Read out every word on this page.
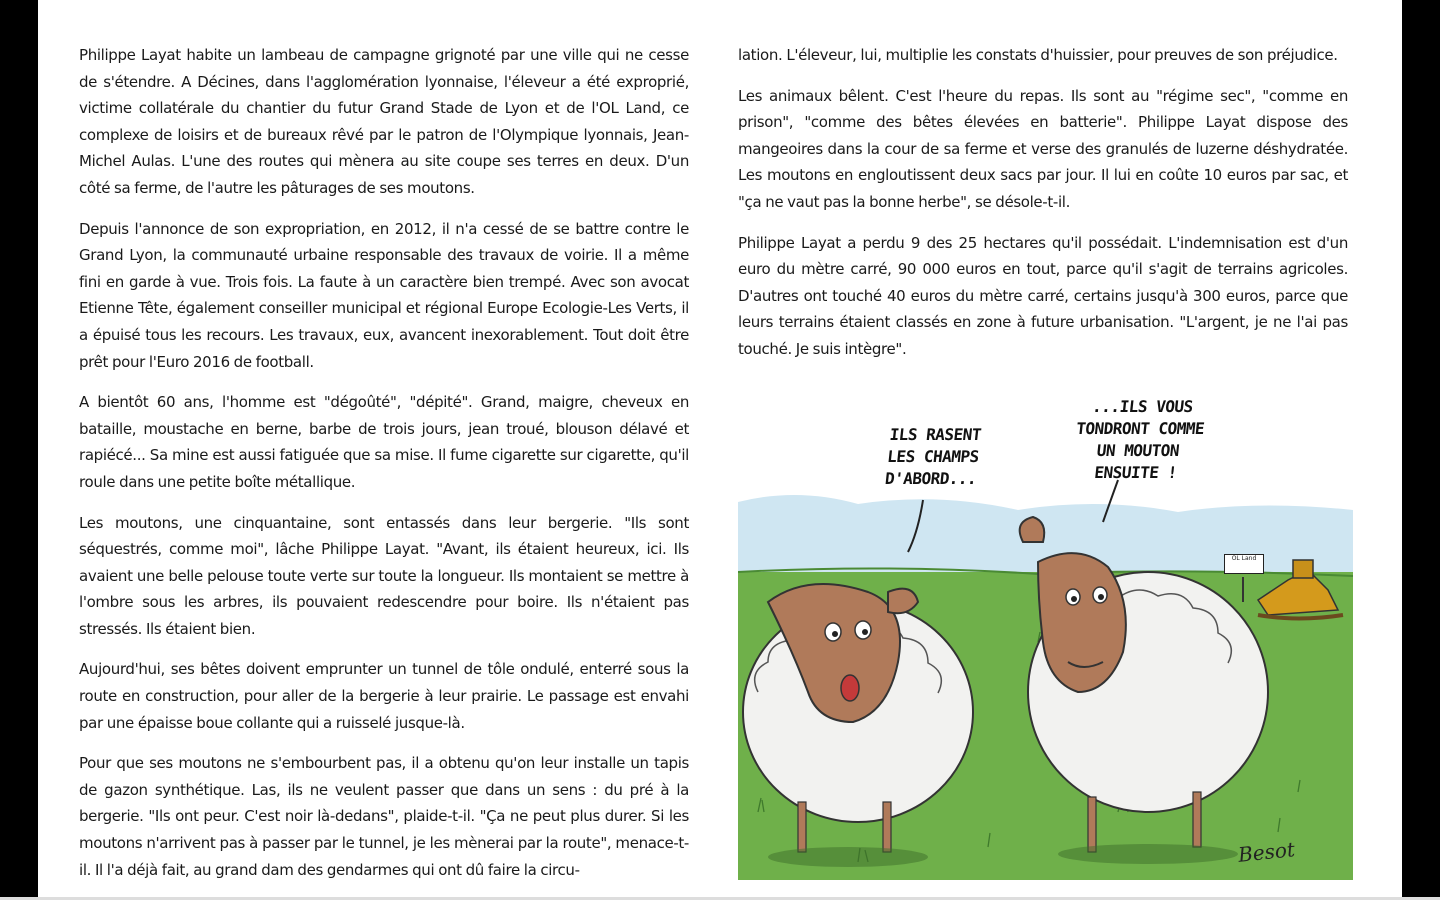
Philippe Layat habite un lambeau de campagne grignoté par une ville qui ne cesse de s'étendre. A Décines, dans l'agglomération lyonnaise, l'éleveur a été exproprié, victime collatérale du chantier du futur Grand Stade de Lyon et de l'OL Land, ce complexe de loisirs et de bureaux rêvé par le patron de l'Olympique lyonnais, Jean-Michel Aulas. L'une des routes qui mènera au site coupe ses terres en deux. D'un côté sa ferme, de l'autre les pâturages de ses moutons.

Depuis l'annonce de son expropriation, en 2012, il n'a cessé de se battre contre le Grand Lyon, la communauté urbaine responsable des travaux de voirie. Il a même fini en garde à vue. Trois fois. La faute à un caractère bien trempé. Avec son avocat Etienne Tête, également conseiller municipal et régional Europe Ecologie-Les Verts, il a épuisé tous les recours. Les travaux, eux, avancent inexorablement. Tout doit être prêt pour l'Euro 2016 de football.

A bientôt 60 ans, l'homme est "dégoûté", "dépité". Grand, maigre, cheveux en bataille, moustache en berne, barbe de trois jours, jean troué, blouson délavé et rapiécé... Sa mine est aussi fatiguée que sa mise. Il fume cigarette sur cigarette, qu'il roule dans une petite boîte métallique.

Les moutons, une cinquantaine, sont entassés dans leur bergerie. "Ils sont séquestrés, comme moi", lâche Philippe Layat. "Avant, ils étaient heureux, ici. Ils avaient une belle pelouse toute verte sur toute la longueur. Ils montaient se mettre à l'ombre sous les arbres, ils pouvaient redescendre pour boire. Ils n'étaient pas stressés. Ils étaient bien.

Aujourd'hui, ses bêtes doivent emprunter un tunnel de tôle ondulé, enterré sous la route en construction, pour aller de la bergerie à leur prairie. Le passage est envahi par une épaisse boue collante qui a ruisselé jusque-là.

Pour que ses moutons ne s'embourbent pas, il a obtenu qu'on leur installe un tapis de gazon synthétique. Las, ils ne veulent passer que dans un sens : du pré à la bergerie. "Ils ont peur. C'est noir là-dedans", plaide-t-il. "Ça ne peut plus durer. Si les moutons n'arrivent pas à passer par le tunnel, je les mènerai par la route", menace-t-il. Il l'a déjà fait, au grand dam des gendarmes qui ont dû faire la circu-

lation. L'éleveur, lui, multiplie les constats d'huissier, pour preuves de son préjudice.

Les animaux bêlent. C'est l'heure du repas. Ils sont au "régime sec", "comme en prison", "comme des bêtes élevées en batterie". Philippe Layat dispose des mangeoires dans la cour de sa ferme et verse des granulés de luzerne déshydratée. Les moutons en engloutissent deux sacs par jour. Il lui en coûte 10 euros par sac, et "ça ne vaut pas la bonne herbe", se désole-t-il.

Philippe Layat a perdu 9 des 25 hectares qu'il possédait. L'indemnisation est d'un euro du mètre carré, 90 000 euros en tout, parce qu'il s'agit de terrains agricoles. D'autres ont touché 40 euros du mètre carré, certains jusqu'à 300 euros, parce que leurs terrains étaient classés en zone à future urbanisation. "L'argent, je ne l'ai pas touché. Je suis intègre".

ILS RASENT LES CHAMPS D'ABORD...
...ILS VOUS TONDRONT COMME UN MOUTON ENSUITE !
OL Land
Besot
